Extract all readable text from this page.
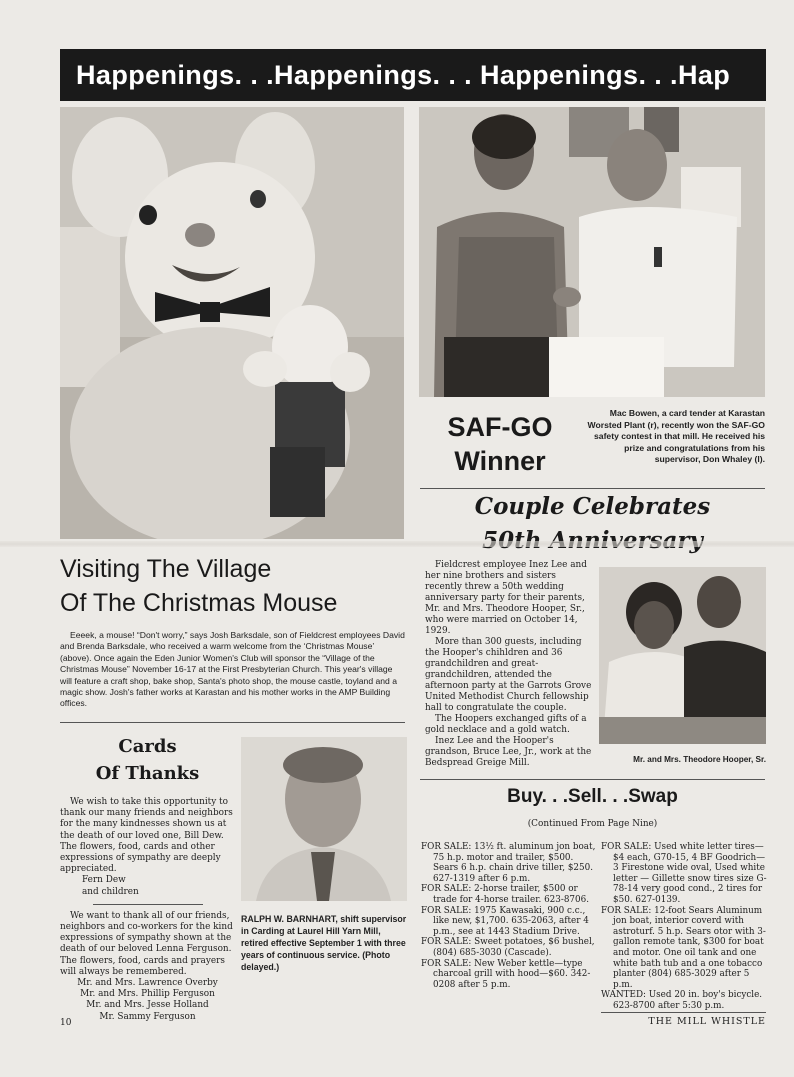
Happenings. . .Happenings. . . Happenings. . .Hap
SAF-GO
Winner
Mac Bowen, a card tender at Karastan Worsted Plant (r), recently won the SAF-GO safety contest in that mill. He received his prize and congratulations from his supervisor, Don Whaley (l).
Couple Celebrates

Fieldcrest employee Inez Lee and her nine brothers and sisters recently threw a 50th wedding anniversary party for their parents, Mr. and Mrs. Theodore Hooper, Sr., who were married on October 14, 1929.

More than 300 guests, including the Hooper's chihldren and 36 grandchildren and great-grandchildren, attended the afternoon party at the Garrots Grove United Methodist Church fellowship hall to congratulate the couple.

The Hoopers exchanged gifts of a gold necklace and a gold watch.

Inez Lee and the Hooper's grandson, Bruce Lee, Jr., work at the Bedspread Greige Mill.	Mr. and Mrs. Theodore Hooper, Sr.
Visiting The Village
Of The Christmas Mouse
Eeeek, a mouse! “Don't worry,” says Josh Barksdale, son of Fieldcrest employees David and Brenda Barksdale, who received a warm welcome from the ‘Christmas Mouse’ (above). Once again the Eden Junior Women's Club will sponsor the “Village of the Christmas Mouse” November 16-17 at the First Presbyterian Church. This year's village will feature a craft shop, bake shop, Santa's photo shop, the mouse castle, toyland and a magic show. Josh's father works at Karastan and his mother works in the AMP Building offices.
Cards
Of Thanks

We wish to take this opportunity to thank our many friends and neighbors for the many kindnesses shown us at the death of our loved one, Bill Dew. The flowers, food, cards and other expressions of sympathy are deeply appreciated.

Fern Dew

and children

We want to thank all of our friends, neighbors and co-workers for the kind expressions of sympathy shown at the death of our beloved Lenna Ferguson. The flowers, food, cards and prayers will always be remembered.

Mr. and Mrs. Lawrence Overby

Mr. and Mrs. Phillip Ferguson

Mr. and Mrs. Jesse Holland

Mr. Sammy Ferguson

RALPH W. BARNHART, shift supervisor in Carding at Laurel Hill Yarn Mill, retired effective September 1 with three years of continuous service. (Photo delayed.)
Buy. . .Sell. . .Swap
(Continued From Page Nine)

FOR SALE: 13½ ft. aluminum jon boat, 75 h.p. motor and trailer, $500. Sears 6 h.p. chain drive tiller, $250. 627-1319 after 6 p.m.

FOR SALE: 2-horse trailer, $500 or trade for 4-horse trailer. 623-8706.

FOR SALE: 1975 Kawasaki, 900 c.c., like new, $1,700. 635-2063, after 4 p.m., see at 1443 Stadium Drive.

FOR SALE: Sweet potatoes, $6 bushel, (804) 685-3030 (Cascade).

FOR SALE: New Weber kettle—type charcoal grill with hood—$60. 342-0208 after 5 p.m.

FOR SALE: Used white letter tires—$4 each, G70-15, 4 BF Goodrich—3 Firestone wide oval, Used white letter — Gillette snow tires size G-78-14 very good cond., 2 tires for $50. 627-0139.

FOR SALE: 12-foot Sears Aluminum jon boat, interior coverd with astroturf. 5 h.p. Sears otor with 3-gallon remote tank, $300 for boat and motor. One oil tank and one white bath tub and a one tobacco planter (804) 685-3029 after 5 p.m.

WANTED: Used 20 in. boy's bicycle. 623-8700 after 5:30 p.m.

10	THE MILL WHISTLE
